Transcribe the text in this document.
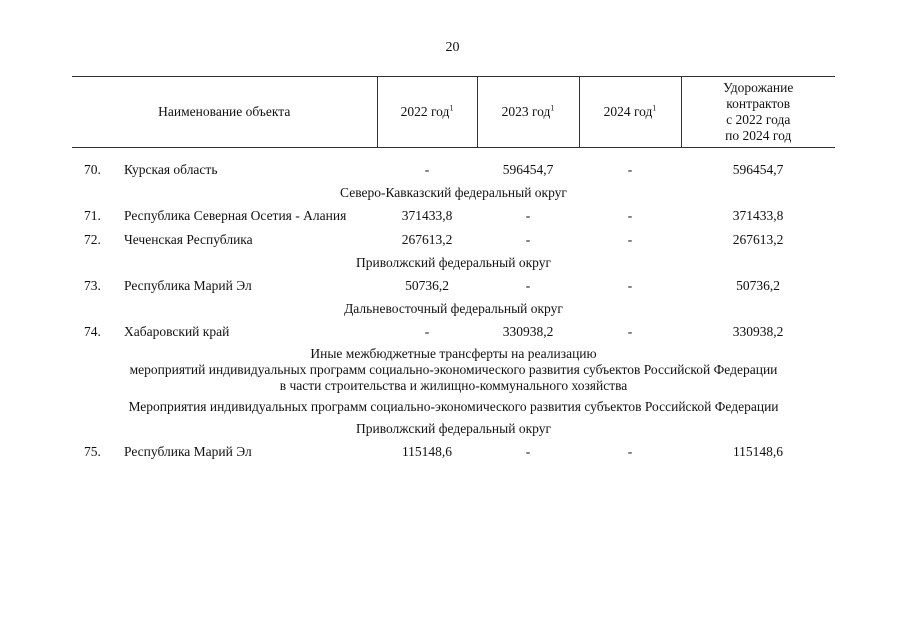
20
Наименование объекта		2022 год$^1$	2023 год$^1$	2024 год$^1$	Удорожание
контрактов
с 2022 года
по 2024 год

70.	Курская область	-	596454,7	-	596454,7
Северо-Кавказский федеральный округ					
71.	Республика Северная Осетия - Алания	371433,8	-	-	371433,8
72.	Чеченская Республика	267613,2	-	-	267613,2
Приволжский федеральный округ					
73.	Республика Марий Эл	50736,2	-	-	50736,2
Дальневосточный федеральный округ					
74.	Хабаровский край	-	330938,2	-	330938,2

Иные межбюджетные трансферты на реализацию
мероприятий индивидуальных программ социально-экономического развития субъектов Российской Федерации
в части строительства и жилищно-коммунального хозяйства					

Мероприятия индивидуальных программ социально-экономического развития субъектов Российской Федерации					
Приволжский федеральный округ					
75.	Республика Марий Эл	115148,6	-	-	115148,6
